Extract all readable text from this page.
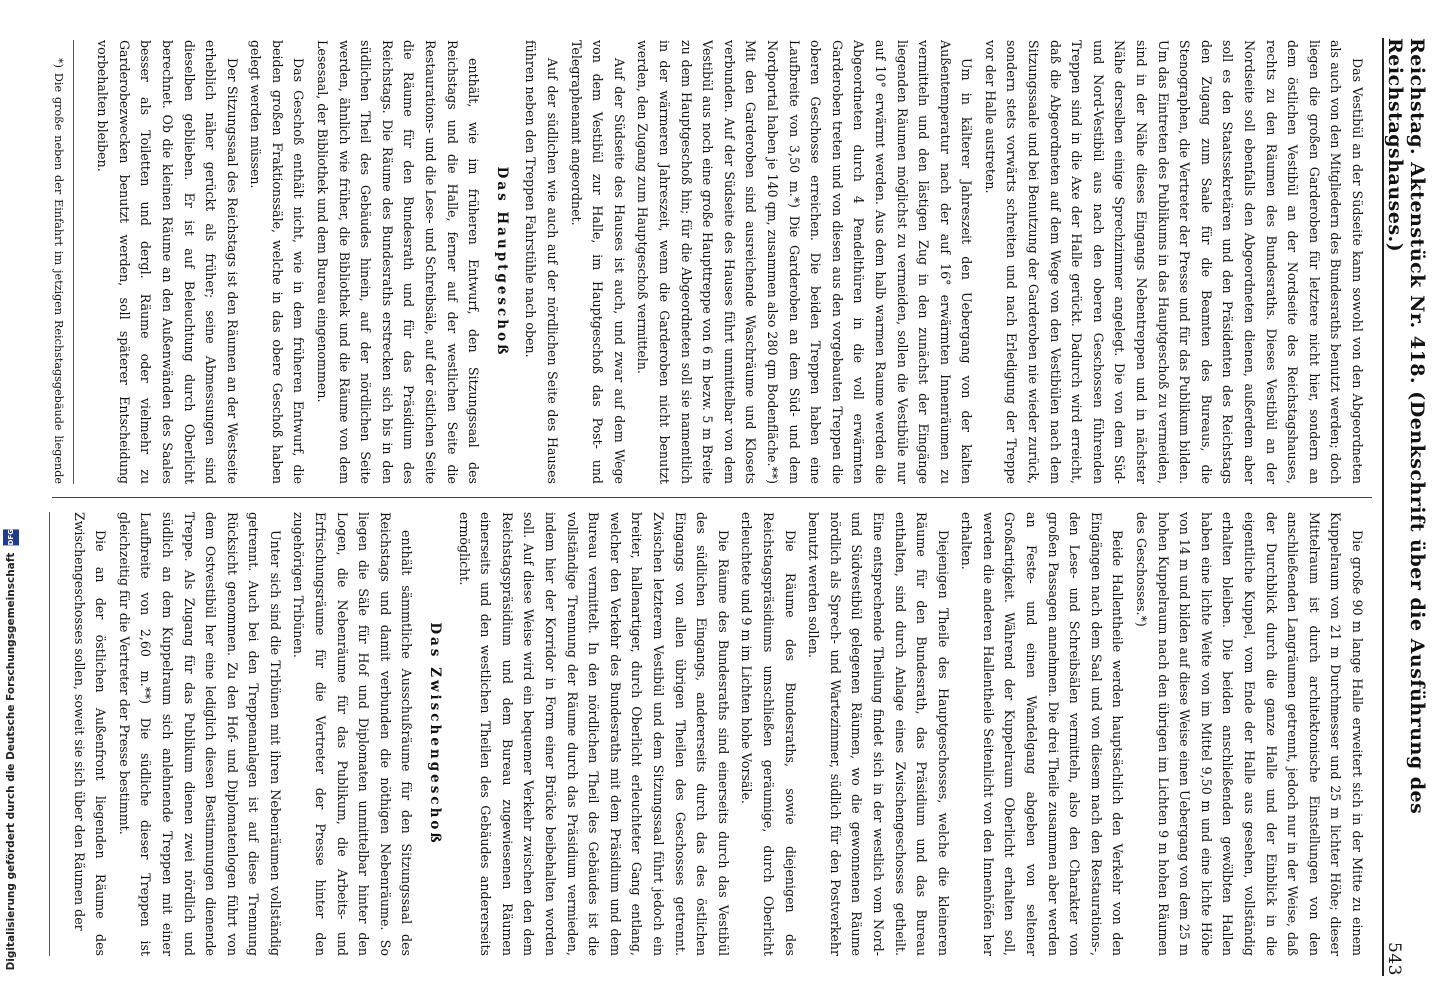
Digitalisierung gefördert durch die Deutsche Forschungsgemeinschaft DFG	Reichstag. Aktenstück Nr. 418. (Denkschrift über die Ausführung des Reichstagshauses.)
543

Das Vestibül an der Südseite kann sowohl von den Abgeordneten als auch von den Mitgliedern des Bundesraths benutzt werden; doch liegen die großen Garderoben für letztere nicht hier, sondern an dem östlichen Vestibül an der Nordseite des Reichstagshauses, rechts zu den Räumen des Bundesraths. Dieses Vestibül an der Nordseite soll ebenfalls den Abgeordneten dienen, außerdem aber soll es den Staatssekretären und den Präsidenten des Reichstags den Zugang zum Saale für die Beamten des Bureaus, die Stenographen, die Vertreter der Presse und für das Publikum bilden. Um das Eintreten des Publikums in das Hauptgeschoß zu vermeiden, sind in der Nähe dieses Eingangs Nebentreppen und in nächster Nähe derselben einige Sprechzimmer angelegt. Die von dem Süd- und Nord-Vestibül aus nach den oberen Geschossen führenden Treppen sind in die Axe der Halle gerückt. Dadurch wird erreicht, daß die Abgeordneten auf dem Wege von den Vestibülen nach dem Sitzungssaale und bei Benutzung der Garderoben nie wieder zurück, sondern stets vorwärts schreiten und nach Erledigung der Treppe vor der Halle austreten.

Um in kälterer Jahreszeit den Uebergang von der kalten Außentemperatur nach der auf 16° erwärmten Innenräumen zu vermitteln und den lästigen Zug in den zunächst der Eingänge liegenden Räumen möglichst zu vermeiden, sollen die Vestibüle nur auf 10° erwärmt werden. Aus dem halb warmen Raume werden die Abgeordneten durch 4 Pendelthüren in die voll erwärmten Garderoben treten und von diesen aus den vorgebauten Treppen die oberen Geschosse erreichen. Die beiden Treppen haben eine Laufbreite von 3,50 m.*) Die Garderoben an dem Süd- und dem Nordportal haben je 140 qm, zusammen also 280 qm Bodenfläche.**) Mit den Garderoben sind ausreichende Waschräume und Klosets verbunden. Auf der Südseite des Hauses führt unmittelbar von dem Vestibül aus noch eine große Haupttreppe von 6 m bezw. 5 m Breite zu dem Hauptgeschoß hin; für die Abgeordneten soll sie namentlich in der wärmeren Jahreszeit, wenn die Garderoben nicht benutzt werden, den Zugang zum Hauptgeschoß vermitteln.

Auf der Südseite des Hauses ist auch, und zwar auf dem Wege von dem Vestibül zur Halle, im Hauptgeschoß das Post- und Telegraphenamt angeordnet.

Auf der südlichen wie auch auf der nördlichen Seite des Hauses führen neben den Treppen Fahrstühle nach oben.

Das Hauptgeschoß

enthält, wie im früheren Entwurf, den Sitzungssaal des Reichstags und die Halle, ferner auf der westlichen Seite die Restaurations- und die Lese- und Schreibsäle, auf der östlichen Seite die Räume für den Bundesrath und für das Präsidium des Reichstags. Die Räume des Bundesraths erstrecken sich bis in den südlichen Theil des Gebäudes hinein, auf der nördlichen Seite werden, ähnlich wie früher, die Bibliothek und die Räume von dem Lesesaal, der Bibliothek und dem Bureau eingenommen.

Das Geschoß enthält nicht, wie in dem früheren Entwurf, die beiden großen Fraktionssäle, welche in das obere Geschoß haben gelegt werden müssen.

Der Sitzungssaal des Reichstags ist den Räumen an der Westseite erheblich näher gerückt als früher; seine Abmessungen sind dieselben geblieben. Er ist auf Beleuchtung durch Oberlicht berechnet. Ob die kleinen Räume an den Außenwänden des Saales besser als Toiletten und dergl. Räume oder vielmehr zu Garderobezwecken benutzt werden, soll späterer Entscheidung vorbehalten bleiben.

*) Die große neben der Einfahrt im jetzigen Reichstagsgebäude liegende

Die große 90 m lange Halle erweitert sich in der Mitte zu einem Kuppelraum von 21 m Durchmesser und 25 m lichter Höhe; dieser Mittelraum ist durch architektonische Einstellungen von den anschließenden Langräumen getrennt, jedoch nur in der Weise, daß der Durchblick durch die ganze Halle und der Einblick in die eigentliche Kuppel, vom Ende der Halle aus gesehen, vollständig erhalten bleiben. Die beiden anschließenden gewölbten Hallen haben eine lichte Weite von im Mittel 9,50 m und eine lichte Höhe von 14 m und bilden auf diese Weise einen Uebergang von dem 25 m hohen Kuppelraum nach den übrigen im Lichten 9 m hohen Räumen des Geschosses.*)

Beide Hallentheile werden hauptsächlich den Verkehr von den Eingängen nach dem Saal und von diesem nach den Restaurations-, den Lese- und Schreibsälen vermitteln, also den Charakter von großen Passagen annehmen. Die drei Theile zusammen aber werden an Feste- und einen Wandelgang abgeben von seltener Großartigkeit. Während der Kuppelraum Oberlicht erhalten soll, werden die anderen Hallentheile Seitenlicht von den Innenhöfen her erhalten.

Diejenigen Theile des Hauptgeschosses, welche die kleineren Räume für den Bundesrath, das Präsidium und das Bureau enthalten, sind durch Anlage eines Zwischengeschosses getheilt. Eine entsprechende Theilung findet sich in der westlich vom Nord- und Südvestibül gelegenen Räumen, wo die gewonnenen Räume nördlich als Sprech- und Wartezimmer, südlich für den Postverkehr benutzt werden sollen.

Die Räume des Bundesraths, sowie diejenigen des Reichstagspräsidiums umschließen geräumige, durch Oberlicht erleuchtete und 9 m im Lichten hohe Vorsäle.

Die Räume des Bundesraths sind einerseits durch das Vestibül des südlichen Eingangs, andererseits durch das des östlichen Eingangs von allen übrigen Theilen des Geschosses getrennt. Zwischen letzterem Vestibül und dem Sitzungssaal führt jedoch ein breiter, hallenartiger, durch Oberlicht erleuchteter Gang entlang, welcher den Verkehr des Bundesraths mit dem Präsidium und dem Bureau vermittelt. In den nördlichen Theil des Gebäudes ist die vollständige Trennung der Räume durch das Präsidium vermieden, indem hier der Korridor in Form einer Brücke beibehalten worden soll. Auf diese Weise wird ein bequemer Verkehr zwischen den dem Reichstagspräsidium und dem Bureau zugewiesenen Räumen einerseits und den westlichen Theilen des Gebäudes andererseits ermöglicht.

Das Zwischengeschoß

enthält sämmtliche Ausschußräume für den Sitzungssaal des Reichstags und damit verbunden die nöthigen Nebenräume. So liegen die Säle für Hof und Diplomaten unmittelbar hinter den Logen, die Nebenräume für das Publikum, die Arbeits- und Erfrischungsräume für die Vertreter der Presse hinter den zugehörigen Tribünen.

Unter sich sind die Tribünen mit ihren Nebenräumen vollständig getrennt. Auch bei den Treppenanlagen ist auf diese Trennung Rücksicht genommen. Zu den Hof- und Diplomatenlogen führt von dem Ostvestibül her eine lediglich diesen Bestimmungen dienende Treppe. Als Zugang für das Publikum dienen zwei nördlich und südlich an dem Kuppelraum sich anlehnende Treppen mit einer Laufbreite von 2,60 m.**) Die südliche dieser Treppen ist gleichzeitig für die Vertreter der Presse bestimmt.

Die an der östlichen Außenfront liegenden Räume des Zwischengeschosses sollen, soweit sie sich über den Räumen der
